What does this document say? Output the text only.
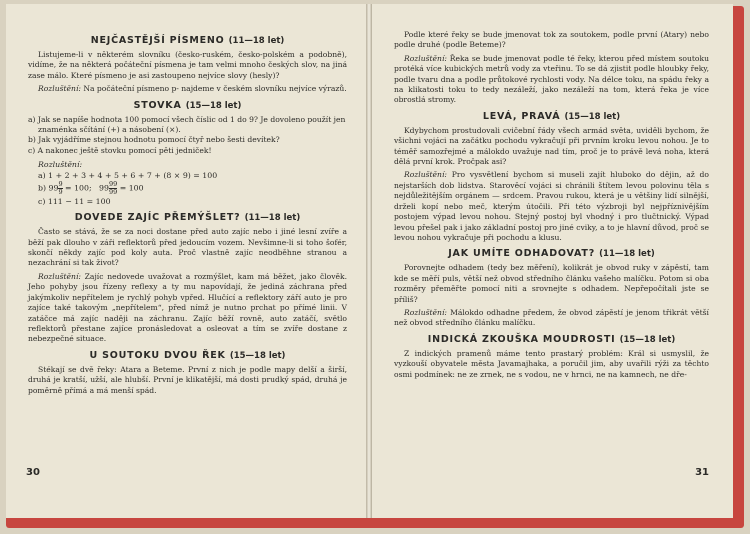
NEJČASTĚJŠÍ PÍSMENO (11—18 let)

Listujeme-li v některém slovníku (česko-ruském, česko-polském a podobně), vidíme, že na některá počáteční písmena je tam velmi mnoho českých slov, na jiná zase málo. Které písmeno je asi zastoupeno nejvíce slovy (hesly)?

Rozluštění: Na počáteční písmeno p- najdeme v českém slovníku nejvíce výrazů.

STOVKA (15—18 let)
a) Jak se napíše hodnota 100 pomocí všech číslic od 1 do 9? Je dovoleno použít jen znaménka sčítání (+) a násobení (×).
b) Jak vyjádříme stejnou hodnotu pomocí čtyř nebo šesti devítek?
c) A nakonec ještě stovku pomocí pěti jedniček!
Rozluštění:
a) 1 + 2 + 3 + 4 + 5 + 6 + 7 + (8 × 9) = 100
b) $99 \frac{9}{9} = 100$;   $99 \frac{99}{99} = 100$
c) 111 − 11 = 100
DOVEDE ZAJÍC PŘEMÝŠLET? (11—18 let)

Často se stává, že se za noci dostane před auto zajíc nebo i jiné lesní zvíře a běží pak dlouho v záři reflektorů před jedoucím vozem. Nevšimne-li si toho šofér, skončí někdy zajíc pod koly auta. Proč vlastně zajíc neodběhne stranou a nezachrání si tak život?

Rozluštění: Zajíc nedovede uvažovat a rozmýšlet, kam má běžet, jako člověk. Jeho pohyby jsou řízeny reflexy a ty mu napovídají, že jediná záchrana před jakýmkoliv nepřítelem je rychlý pohyb vpřed. Hlučící a reflektory září auto je pro zajíce také takovým „nepřítelem“, před nímž je nutno prchat po přímé linii. V zatáčce má zajíc naději na záchranu. Zajíc běží rovně, auto zatáčí, světlo reflektorů přestane zajíce pronásledovat a osleovat a tím se zvíře dostane z nebezpečné situace.

U SOUTOKU DVOU ŘEK (15—18 let)

Stékají se dvě řeky: Atara a Beteme. První z nich je podle mapy delší a širší, druhá je kratší, užší, ale hlubší. První je klikatější, má dosti prudký spád, druhá je poměrně přímá a má menší spád.

30

Podle které řeky se bude jmenovat tok za soutokem, podle první (Atary) nebo podle druhé (podle Beteme)?

Rozluštění: Řeka se bude jmenovat podle té řeky, kterou před místem soutoku protéká více kubických metrů vody za vteřinu. To se dá zjistit podle hloubky řeky, podle tvaru dna a podle průtokové rychlosti vody. Na délce toku, na spádu řeky a na klikatosti toku to tedy nezáleží, jako nezáleží na tom, která řeka je více obrostlá stromy.

LEVÁ, PRAVÁ (15—18 let)

Kdybychom prostudovali cvičební řády všech armád světa, uviděli bychom, že všichni vojáci na začátku pochodu vykračují při prvním kroku levou nohou. Je to téměř samozřejmé a málokdo uvažuje nad tím, proč je to právě levá noha, která dělá první krok. Pročpak asi?

Rozluštění: Pro vysvětlení bychom si museli zajít hluboko do dějin, až do nejstarších dob lidstva. Starověcí vojáci si chránili štítem levou polovinu těla s nejdůležitějším orgánem — srdcem. Pravou rukou, která je u většiny lidí silnější, drželi kopí nebo meč, kterým útočili. Při této výzbroji byl nejpříznivějším postojem výpad levou nohou. Stejný postoj byl vhodný i pro tlučtnický. Výpad levou přešel pak i jako základní postoj pro jiné cviky, a to je hlavní důvod, proč se levou nohou vykračuje při pochodu a klusu.

JAK UMÍTE ODHADOVAT? (11—18 let)

Porovnejte odhadem (tedy bez měření), kolikrát je obvod ruky v zápěstí, tam kde se měří puls, větší než obvod středního článku vašeho malíčku. Potom si oba rozměry přeměřte pomocí niti a srovnejte s odhadem. Nepřepočítali jste se příliš?

Rozluštění: Málokdo odhadne předem, že obvod zápěstí je jenom třikrát větší než obvod středního článku malíčku.

INDICKÁ ZKOUŠKA MOUDROSTI (15—18 let)

Z indických pramenů máme tento prastarý problém: Král si usmyslil, že vyzkouší obyvatele města Javamajhaka, a poručil jim, aby uvařili rýži za těchto osmi podmínek: ne ze zrnek, ne s vodou, ne v hrnci, ne na kamnech, ne dře-

31
